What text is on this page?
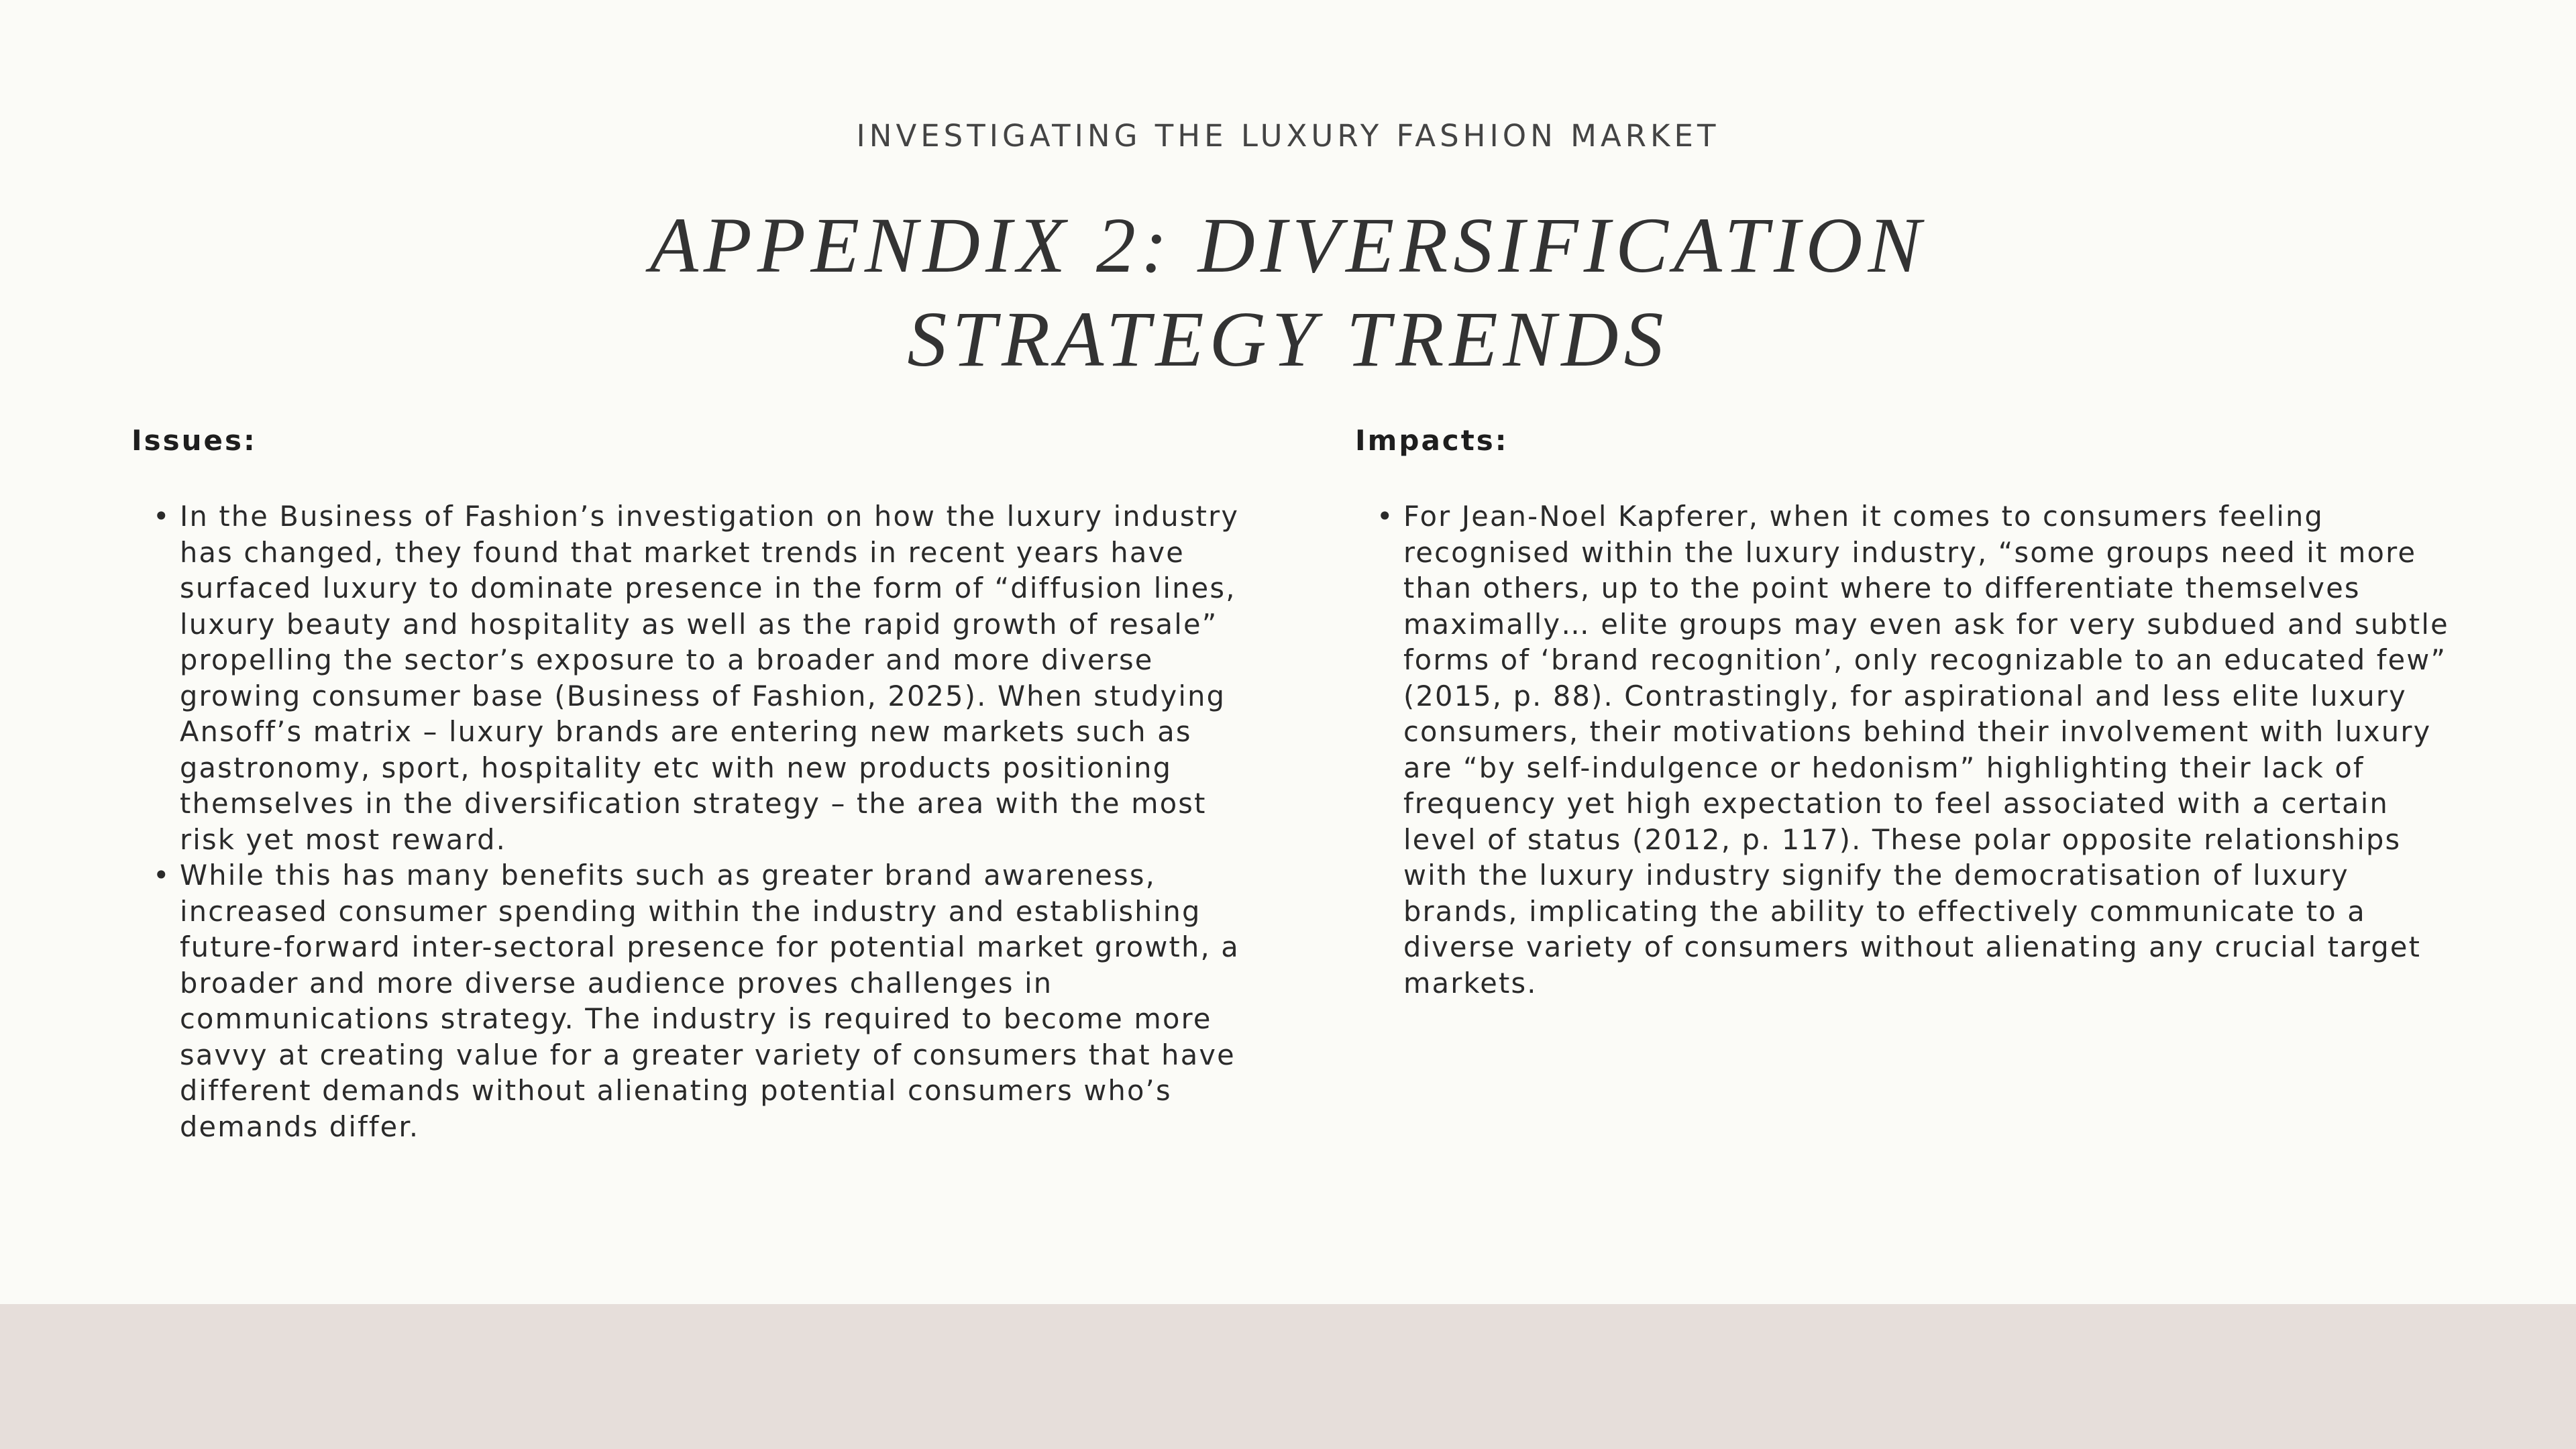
INVESTIGATING THE LUXURY FASHION MARKET
APPENDIX 2: DIVERSIFICATION
STRATEGY TRENDS
Issues:
• In the Business of Fashion’s investigation on how the luxury industry has changed, they found that market trends in recent years have surfaced luxury to dominate presence in the form of “diffusion lines, luxury beauty and hospitality as well as the rapid growth of resale” propelling the sector’s exposure to a broader and more diverse growing consumer base (Business of Fashion, 2025). When studying Ansoff’s matrix – luxury brands are entering new markets such as gastronomy, sport, hospitality etc with new products positioning themselves in the diversification strategy – the area with the most risk yet most reward.
• While this has many benefits such as greater brand awareness, increased consumer spending within the industry and establishing future-forward inter-sectoral presence for potential market growth, a broader and more diverse audience proves challenges in communications strategy. The industry is required to become more savvy at creating value for a greater variety of consumers that have different demands without alienating potential consumers who’s demands differ.
Impacts:
• For Jean-Noel Kapferer, when it comes to consumers feeling recognised within the luxury industry, “some groups need it more than others, up to the point where to differentiate themselves maximally… elite groups may even ask for very subdued and subtle forms of ‘brand recognition’, only recognizable to an educated few” (2015, p. 88). Contrastingly, for aspirational and less elite luxury consumers, their motivations behind their involvement with luxury are “by self-indulgence or hedonism” highlighting their lack of frequency yet high expectation to feel associated with a certain level of status (2012, p. 117). These polar opposite relationships with the luxury industry signify the democratisation of luxury brands, implicating the ability to effectively communicate to a diverse variety of consumers without alienating any crucial target markets.
